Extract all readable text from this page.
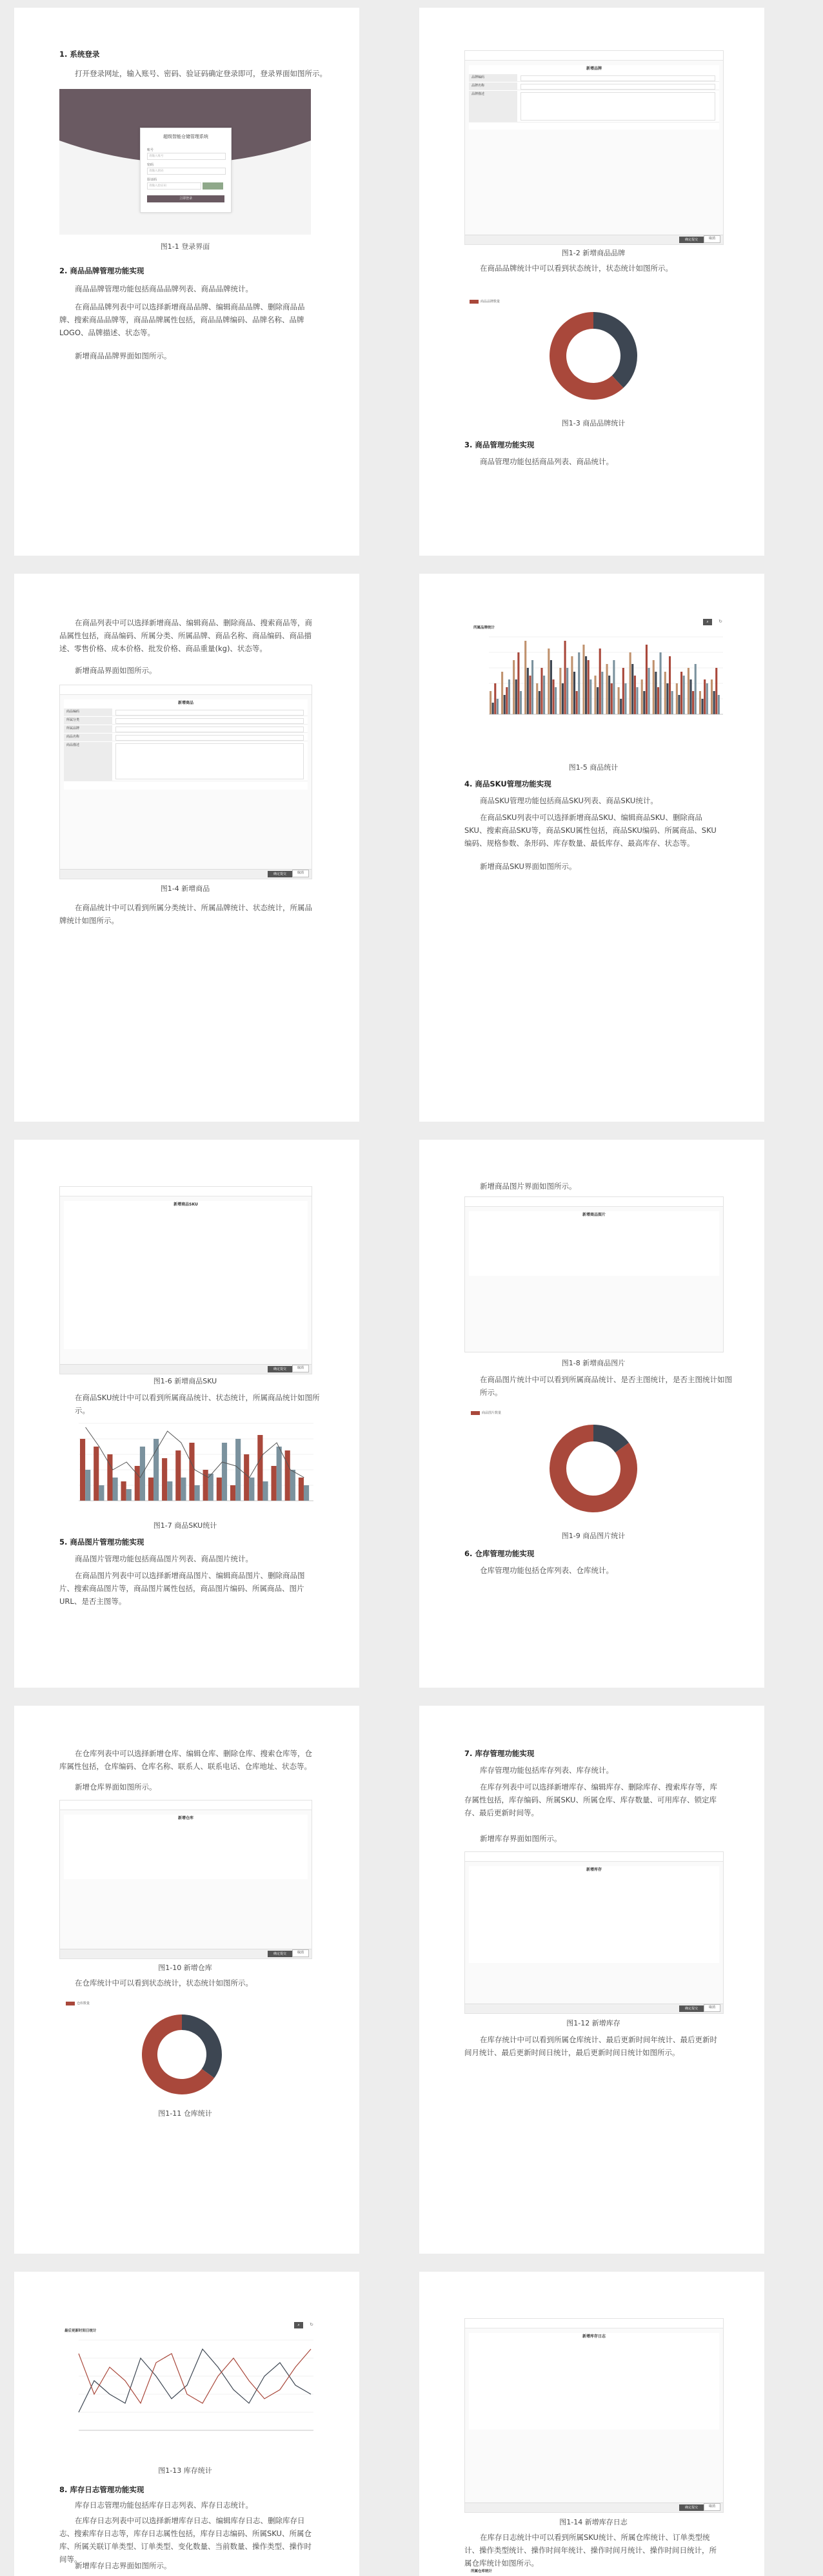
1. 系统登录
打开登录网址，输入账号、密码、验证码确定登录即可，登录界面如图所示。
超级智能仓储管理系统
账号
请输入账号
密码
请输入密码
验证码
请输入验证码
立即登录
图1-1 登录界面
2. 商品品牌管理功能实现
商品品牌管理功能包括商品品牌列表、商品品牌统计。
在商品品牌列表中可以选择新增商品品牌、编辑商品品牌、删除商品品牌、搜索商品品牌等，商品品牌属性包括，商品品牌编码、品牌名称、品牌LOGO、品牌描述、状态等。
新增商品品牌界面如图所示。
新增品牌
品牌编码
品牌名称
品牌描述
确定提交	取消
图1-2 新增商品品牌
在商品品牌统计中可以看到状态统计，状态统计如图所示。
商品品牌数量
图1-3 商品品牌统计
3. 商品管理功能实现
商品管理功能包括商品列表、商品统计。
在商品列表中可以选择新增商品、编辑商品、删除商品、搜索商品等，商品属性包括，商品编码、所属分类、所属品牌、商品名称、商品编码、商品描述、零售价格、成本价格、批发价格、商品重量(kg)、状态等。
新增商品界面如图所示。
新增商品
商品编码
所属分类
所属品牌
商品名称
商品描述
确定提交	取消
图1-4 新增商品
在商品统计中可以看到所属分类统计、所属品牌统计、状态统计，所属品牌统计如图所示。
所属品牌统计
⌕	↻
图1-5 商品统计
4. 商品SKU管理功能实现
商品SKU管理功能包括商品SKU列表、商品SKU统计。
在商品SKU列表中可以选择新增商品SKU、编辑商品SKU、删除商品SKU、搜索商品SKU等，商品SKU属性包括，商品SKU编码、所属商品、SKU编码、规格参数、条形码、库存数量、最低库存、最高库存、状态等。
新增商品SKU界面如图所示。
新增商品SKU
确定提交	取消
图1-6 新增商品SKU
在商品SKU统计中可以看到所属商品统计、状态统计，所属商品统计如图所示。
图1-7 商品SKU统计
5. 商品图片管理功能实现
商品图片管理功能包括商品图片列表、商品图片统计。
在商品图片列表中可以选择新增商品图片、编辑商品图片、删除商品图片、搜索商品图片等，商品图片属性包括，商品图片编码、所属商品、图片URL、是否主图等。
新增商品图片界面如图所示。
新增商品图片
图1-8 新增商品图片
在商品图片统计中可以看到所属商品统计、是否主图统计，是否主图统计如图所示。
商品图片数量
图1-9 商品图片统计
6. 仓库管理功能实现
仓库管理功能包括仓库列表、仓库统计。
在仓库列表中可以选择新增仓库、编辑仓库、删除仓库、搜索仓库等，仓库属性包括，仓库编码、仓库名称、联系人、联系电话、仓库地址、状态等。
新增仓库界面如图所示。
新增仓库
确定提交	取消
图1-10 新增仓库
在仓库统计中可以看到状态统计，状态统计如图所示。
仓库数量
图1-11 仓库统计
7. 库存管理功能实现
库存管理功能包括库存列表、库存统计。
在库存列表中可以选择新增库存、编辑库存、删除库存、搜索库存等，库存属性包括，库存编码、所属SKU、所属仓库、库存数量、可用库存、锁定库存、最后更新时间等。
新增库存界面如图所示。
新增库存
确定提交	取消
图1-12 新增库存
在库存统计中可以看到所属仓库统计、最后更新时间年统计、最后更新时间月统计、最后更新时间日统计，最后更新时间日统计如图所示。
最后更新时间日统计
⌕	↻
图1-13 库存统计
8. 库存日志管理功能实现
库存日志管理功能包括库存日志列表、库存日志统计。
在库存日志列表中可以选择新增库存日志、编辑库存日志、删除库存日志、搜索库存日志等，库存日志属性包括，库存日志编码、所属SKU、所属仓库、所属关联订单类型、订单类型、变化数量、当前数量、操作类型、操作时间等。
新增库存日志界面如图所示。
新增库存日志
确定提交	取消
图1-14 新增库存日志
在库存日志统计中可以看到所属SKU统计、所属仓库统计、订单类型统计、操作类型统计、操作时间年统计、操作时间月统计、操作时间日统计，所属仓库统计如图所示。
所属仓库统计
